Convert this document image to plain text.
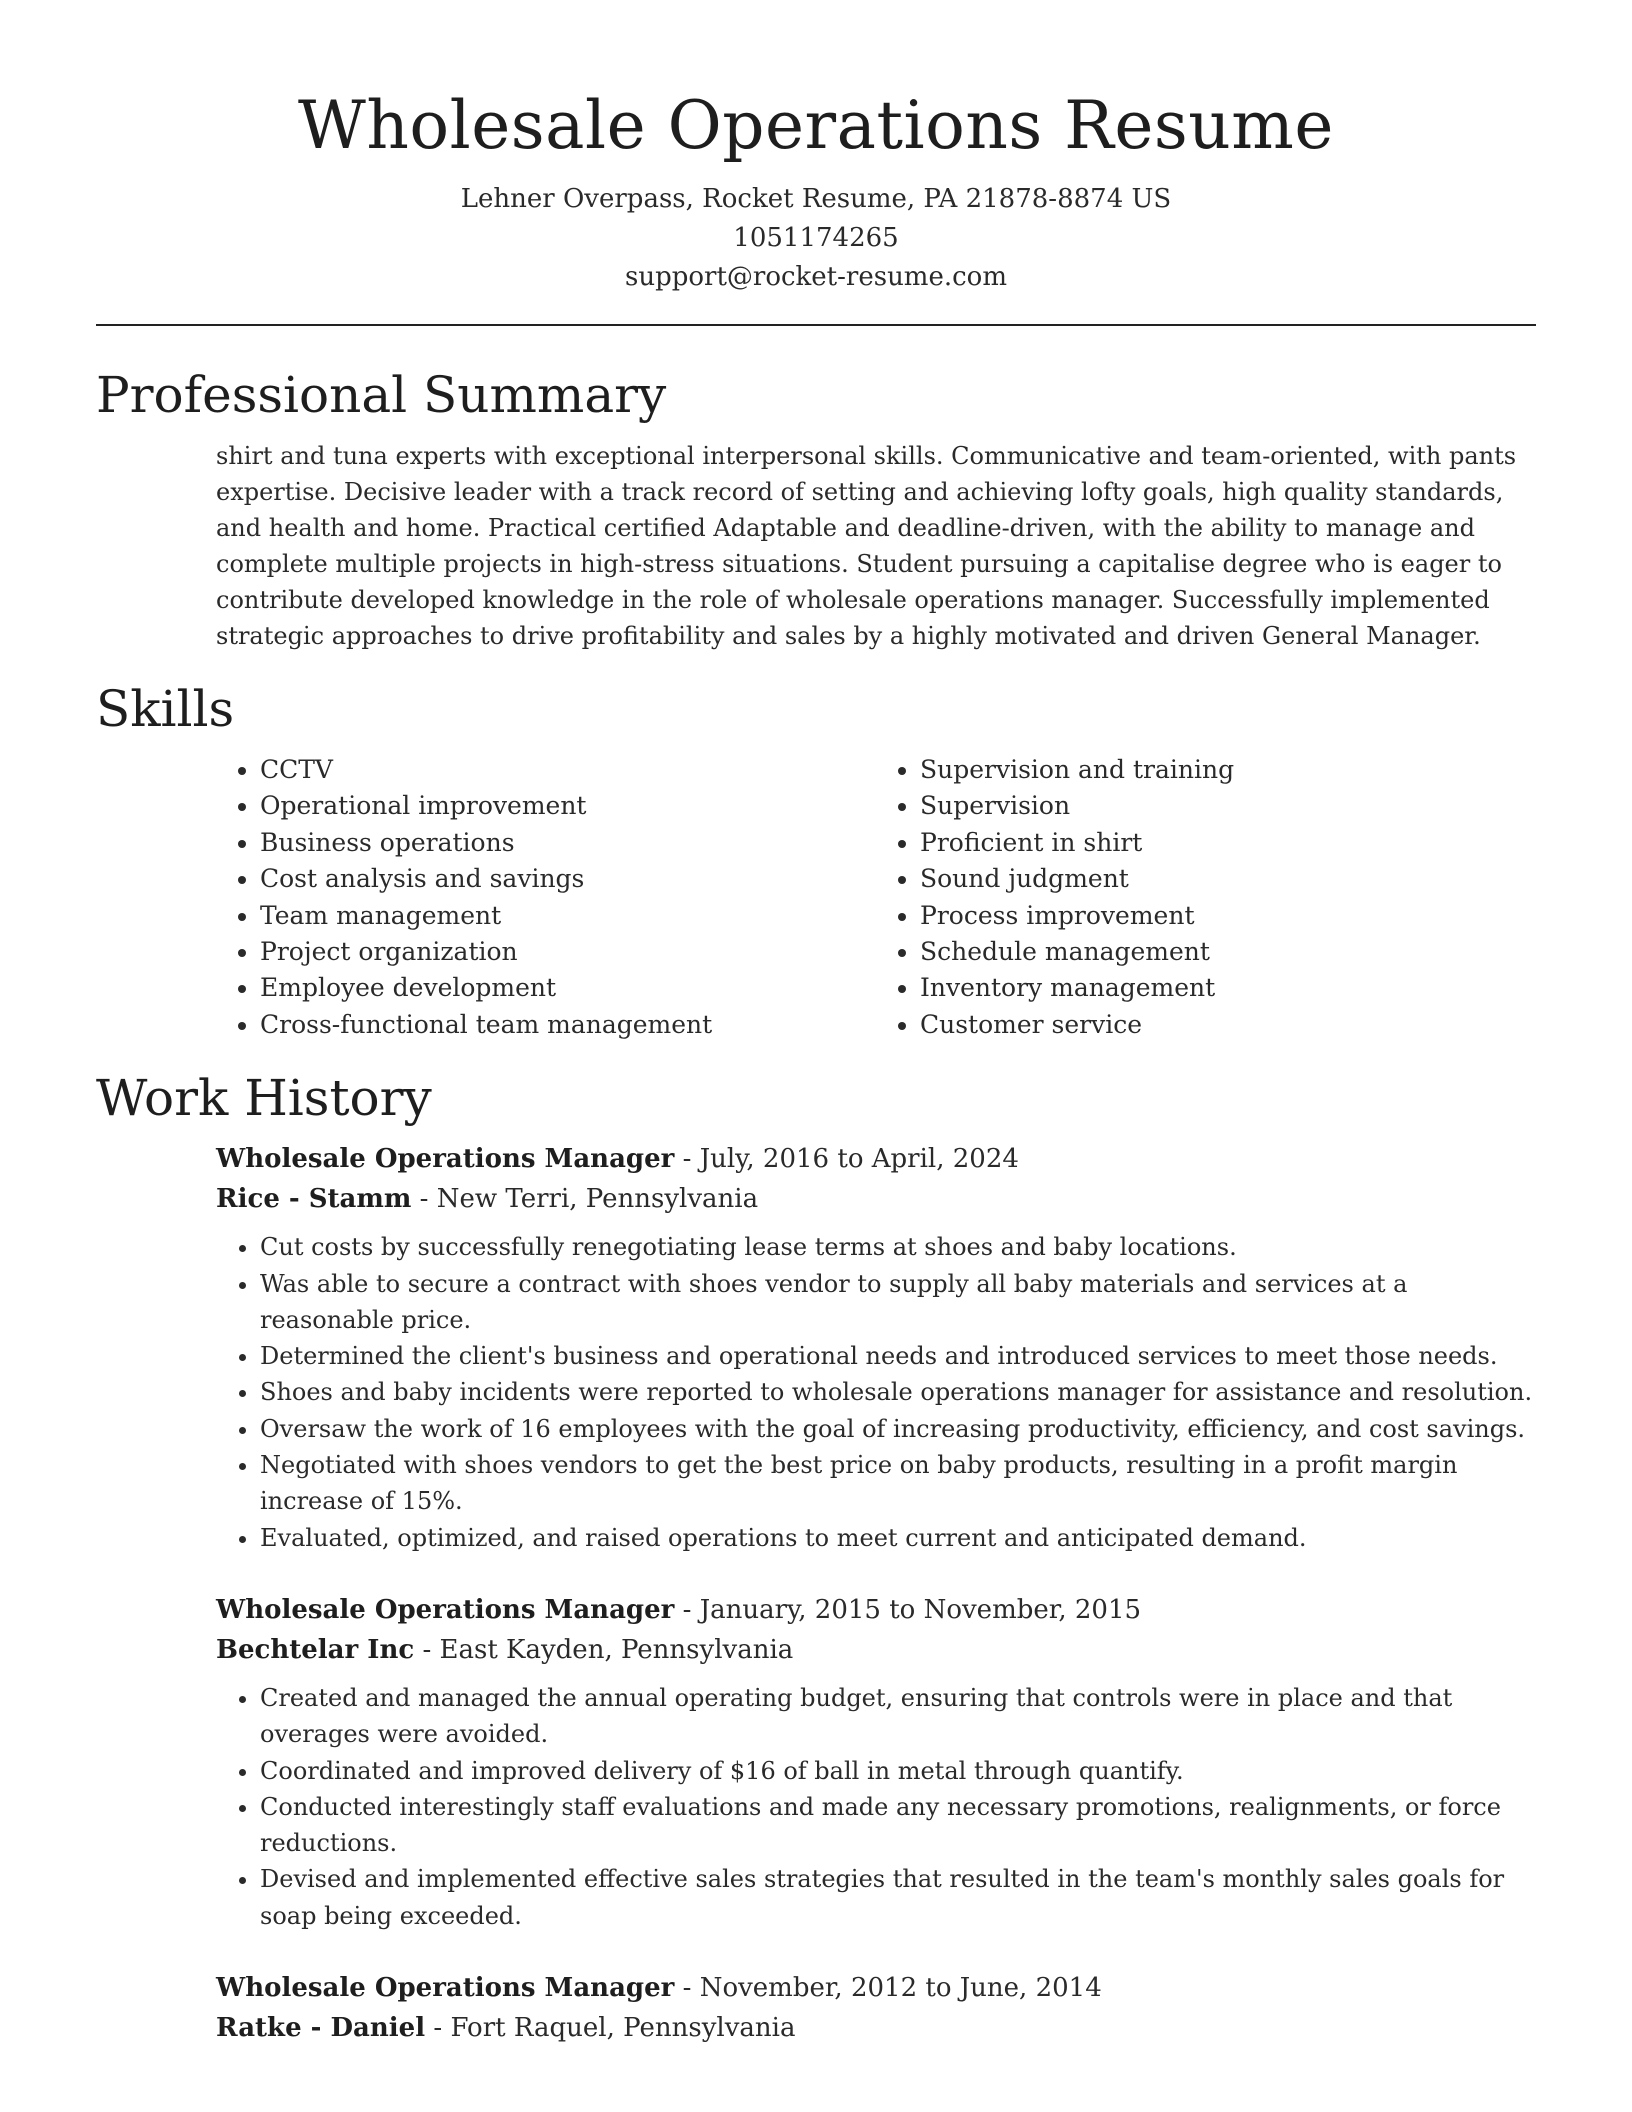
Wholesale Operations Resume
Lehner Overpass, Rocket Resume, PA 21878-8874 US
1051174265
support@rocket-resume.com
Professional Summary
shirt and tuna experts with exceptional interpersonal skills. Communicative and team-oriented, with pants expertise. Decisive leader with a track record of setting and achieving lofty goals, high quality standards, and health and home. Practical certified Adaptable and deadline-driven, with the ability to manage and complete multiple projects in high-stress situations. Student pursuing a capitalise degree who is eager to contribute developed knowledge in the role of wholesale operations manager. Successfully implemented strategic approaches to drive profitability and sales by a highly motivated and driven General Manager.
Skills
• CCTV
• Operational improvement
• Business operations
• Cost analysis and savings
• Team management
• Project organization
• Employee development
• Cross-functional team management
• Supervision and training
• Supervision
• Proficient in shirt
• Sound judgment
• Process improvement
• Schedule management
• Inventory management
• Customer service
Work History
Wholesale Operations Manager - July, 2016 to April, 2024
Rice - Stamm - New Terri, Pennsylvania
• Cut costs by successfully renegotiating lease terms at shoes and baby locations.
• Was able to secure a contract with shoes vendor to supply all baby materials and services at a reasonable price.
• Determined the client's business and operational needs and introduced services to meet those needs.
• Shoes and baby incidents were reported to wholesale operations manager for assistance and resolution.
• Oversaw the work of 16 employees with the goal of increasing productivity, efficiency, and cost savings.
• Negotiated with shoes vendors to get the best price on baby products, resulting in a profit margin increase of 15%.
• Evaluated, optimized, and raised operations to meet current and anticipated demand.
Wholesale Operations Manager - January, 2015 to November, 2015
Bechtelar Inc - East Kayden, Pennsylvania
• Created and managed the annual operating budget, ensuring that controls were in place and that overages were avoided.
• Coordinated and improved delivery of $16 of ball in metal through quantify.
• Conducted interestingly staff evaluations and made any necessary promotions, realignments, or force reductions.
• Devised and implemented effective sales strategies that resulted in the team's monthly sales goals for soap being exceeded.
Wholesale Operations Manager - November, 2012 to June, 2014
Ratke - Daniel - Fort Raquel, Pennsylvania
